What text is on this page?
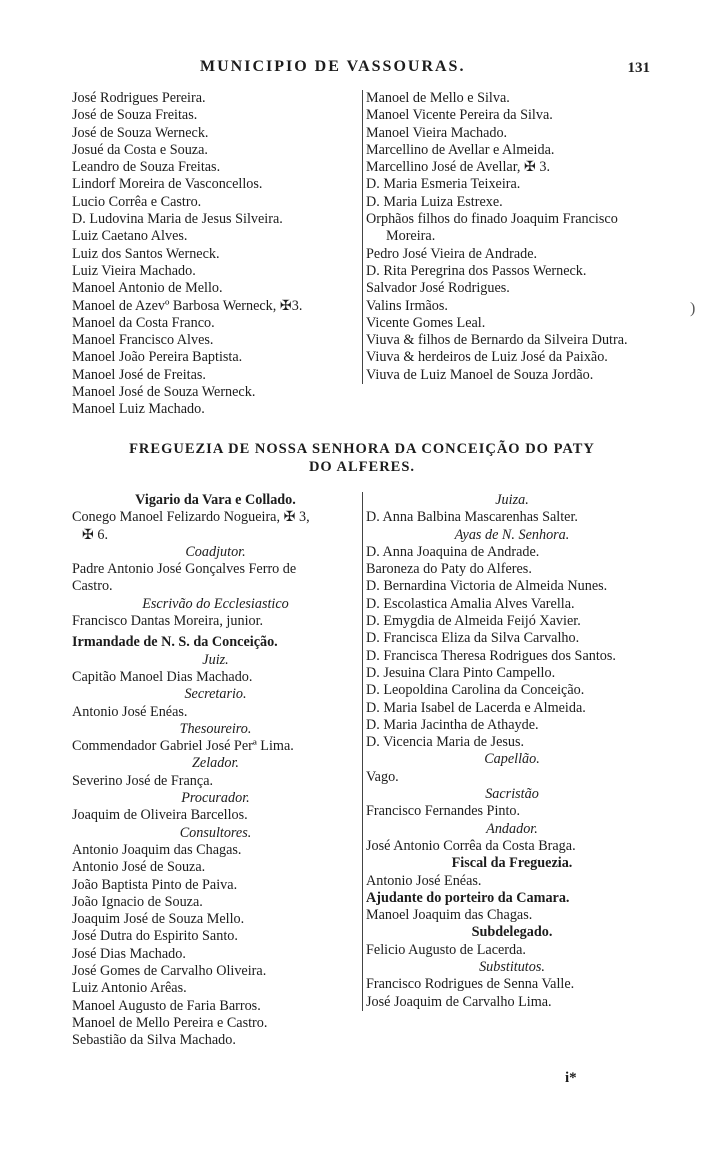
MUNICIPIO DE VASSOURAS.	131
José Rodrigues Pereira.
José de Souza Freitas.
José de Souza Werneck.
Josué da Costa e Souza.
Leandro de Souza Freitas.
Lindorf Moreira de Vasconcellos.
Lucio Corrêa e Castro.
D. Ludovina Maria de Jesus Silveira.
Luiz Caetano Alves.
Luiz dos Santos Werneck.
Luiz Vieira Machado.
Manoel Antonio de Mello.
Manoel de Azevº Barbosa Werneck, ✠3.
Manoel da Costa Franco.
Manoel Francisco Alves.
Manoel João Pereira Baptista.
Manoel José de Freitas.
Manoel José de Souza Werneck.
Manoel Luiz Machado.
Manoel de Mello e Silva.
Manoel Vicente Pereira da Silva.
Manoel Vieira Machado.
Marcellino de Avellar e Almeida.
Marcellino José de Avellar, ✠ 3.
D. Maria Esmeria Teixeira.
D. Maria Luiza Estrexe.
Orphãos filhos do finado Joaquim Francisco Moreira.
Pedro José Vieira de Andrade.
D. Rita Peregrina dos Passos Werneck.
Salvador José Rodrigues.
Valins Irmãos.
Vicente Gomes Leal.
Viuva & filhos de Bernardo da Silveira Dutra.
Viuva & herdeiros de Luiz José da Paixão.
Viuva de Luiz Manoel de Souza Jordão.
)
FREGUEZIA DE NOSSA SENHORA DA CONCEIÇÃO DO PATY
DO ALFERES.
Vigario da Vara e Collado.
Conego Manoel Felizardo Nogueira, ✠ 3,
✠ 6.
Coadjutor.
Padre Antonio José Gonçalves Ferro de
Castro.
Escrivão do Ecclesiastico
Francisco Dantas Moreira, junior.
Irmandade de N. S. da Conceição.
Juiz.
Capitão Manoel Dias Machado.
Secretario.
Antonio José Enéas.
Thesoureiro.
Commendador Gabriel José Perª Lima.
Zelador.
Severino José de França.
Procurador.
Joaquim de Oliveira Barcellos.
Consultores.
Antonio Joaquim das Chagas.
Antonio José de Souza.
João Baptista Pinto de Paiva.
João Ignacio de Souza.
Joaquim José de Souza Mello.
José Dutra do Espirito Santo.
José Dias Machado.
José Gomes de Carvalho Oliveira.
Luiz Antonio Arêas.
Manoel Augusto de Faria Barros.
Manoel de Mello Pereira e Castro.
Sebastião da Silva Machado.
Juiza.
D. Anna Balbina Mascarenhas Salter.
Ayas de N. Senhora.
D. Anna Joaquina de Andrade.
Baroneza do Paty do Alferes.
D. Bernardina Victoria de Almeida Nunes.
D. Escolastica Amalia Alves Varella.
D. Emygdia de Almeida Feijó Xavier.
D. Francisca Eliza da Silva Carvalho.
D. Francisca Theresa Rodrigues dos Santos.
D. Jesuina Clara Pinto Campello.
D. Leopoldina Carolina da Conceição.
D. Maria Isabel de Lacerda e Almeida.
D. Maria Jacintha de Athayde.
D. Vicencia Maria de Jesus.
Capellão.
Vago.
Sacristão
Francisco Fernandes Pinto.
Andador.
José Antonio Corrêa da Costa Braga.
Fiscal da Freguezia.
Antonio José Enéas.
Ajudante do porteiro da Camara.
Manoel Joaquim das Chagas.
Subdelegado.
Felicio Augusto de Lacerda.
Substitutos.
Francisco Rodrigues de Senna Valle.
José Joaquim de Carvalho Lima.
i*
